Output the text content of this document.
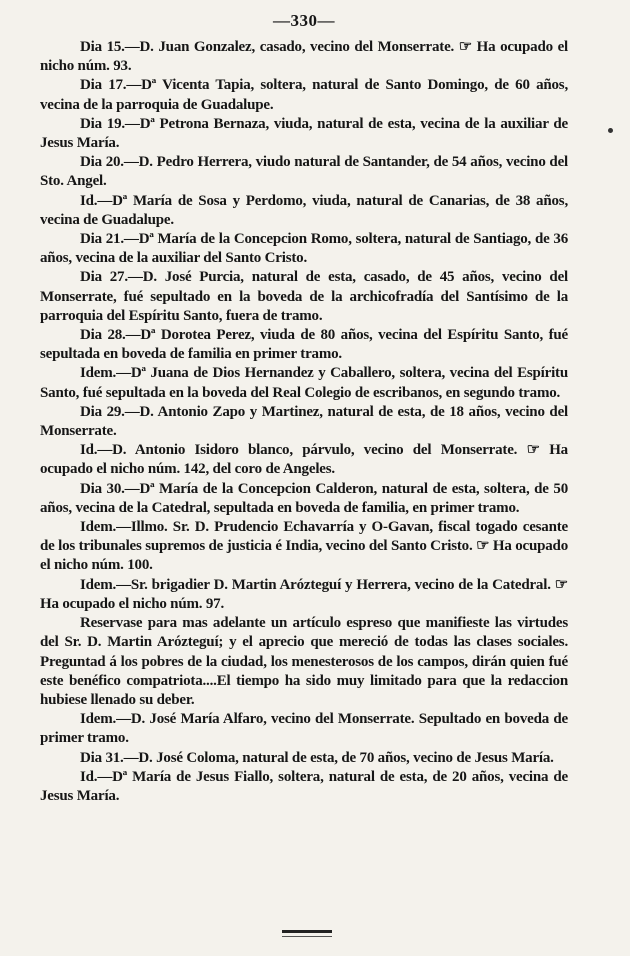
—330—

Dia 15.—D. Juan Gonzalez, casado, vecino del Monserrate. ☞ Ha ocupado el nicho núm. 93.

Dia 17.—Dª Vicenta Tapia, soltera, natural de Santo Domingo, de 60 años, vecina de la parroquia de Guadalupe.

Dia 19.—Dª Petrona Bernaza, viuda, natural de esta, vecina de la auxiliar de Jesus María.

Dia 20.—D. Pedro Herrera, viudo natural de Santander, de 54 años, vecino del Sto. Angel.

Id.—Dª María de Sosa y Perdomo, viuda, natural de Canarias, de 38 años, vecina de Guadalupe.

Dia 21.—Dª María de la Concepcion Romo, soltera, natural de Santiago, de 36 años, vecina de la auxiliar del Santo Cristo.

Dia 27.—D. José Purcia, natural de esta, casado, de 45 años, vecino del Monserrate, fué sepultado en la boveda de la archicofradía del Santísimo de la parroquia del Espíritu Santo, fuera de tramo.

Dia 28.—Dª Dorotea Perez, viuda de 80 años, vecina del Espíritu Santo, fué sepultada en boveda de familia en primer tramo.

Idem.—Dª Juana de Dios Hernandez y Caballero, soltera, vecina del Espíritu Santo, fué sepultada en la boveda del Real Colegio de escribanos, en segundo tramo.

Dia 29.—D. Antonio Zapo y Martinez, natural de esta, de 18 años, vecino del Monserrate.

Id.—D. Antonio Isidoro blanco, párvulo, vecino del Monserrate. ☞ Ha ocupado el nicho núm. 142, del coro de Angeles.

Dia 30.—Dª María de la Concepcion Calderon, natural de esta, soltera, de 50 años, vecina de la Catedral, sepultada en boveda de familia, en primer tramo.

Idem.—Illmo. Sr. D. Prudencio Echavarría y O-Gavan, fiscal togado cesante de los tribunales supremos de justicia é India, vecino del Santo Cristo. ☞ Ha ocupado el nicho núm. 100.

Idem.—Sr. brigadier D. Martin Arózteguí y Herrera, vecino de la Catedral. ☞ Ha ocupado el nicho núm. 97.

Reservase para mas adelante un artículo espreso que manifieste las virtudes del Sr. D. Martin Arózteguí; y el aprecio que mereció de todas las clases sociales. Preguntad á los pobres de la ciudad, los menesterosos de los campos, dirán quien fué este benéfico compatriota....El tiempo ha sido muy limitado para que la redaccion hubiese llenado su deber.

Idem.—D. José María Alfaro, vecino del Monserrate. Sepultado en boveda de primer tramo.

Dia 31.—D. José Coloma, natural de esta, de 70 años, vecino de Jesus María.

Id.—Dª María de Jesus Fiallo, soltera, natural de esta, de 20 años, vecina de Jesus María.
